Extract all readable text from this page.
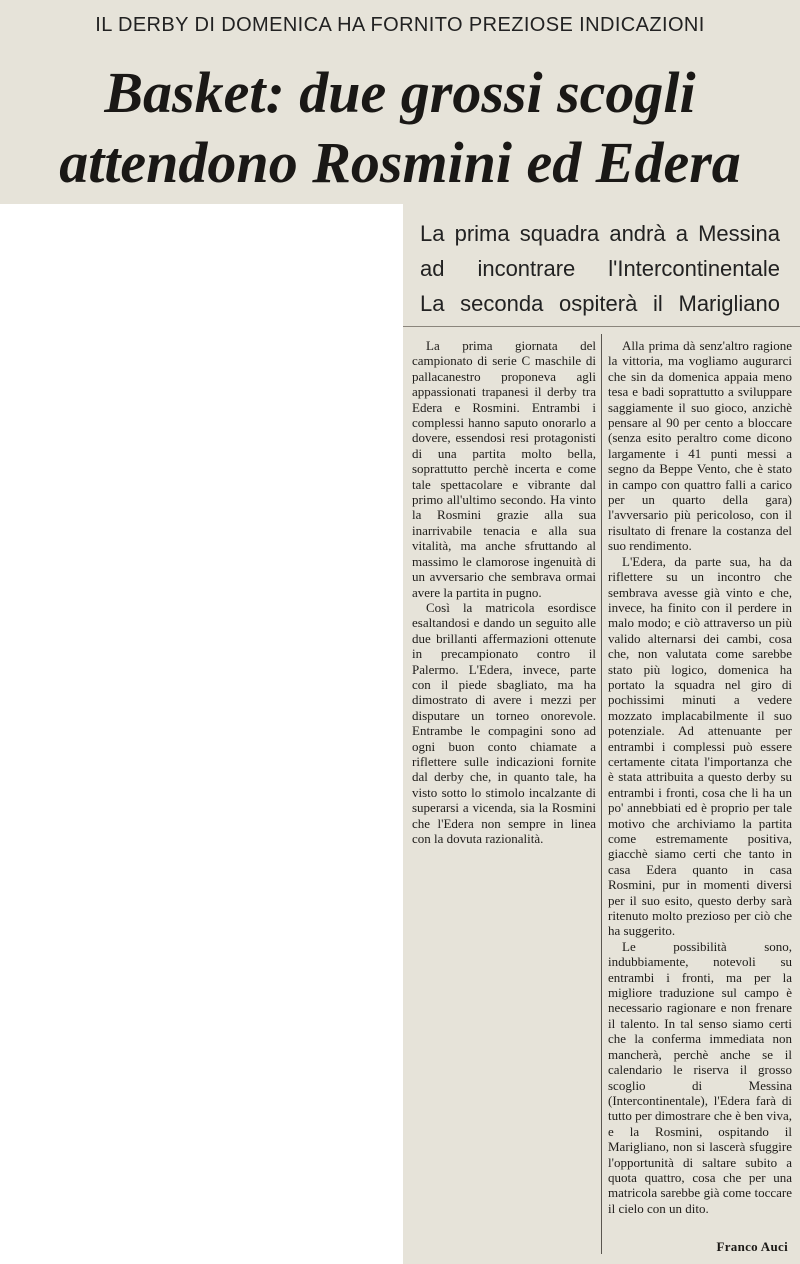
IL DERBY DI DOMENICA HA FORNITO PREZIOSE INDICAZIONI
Basket: due grossi scogli
attendono Rosmini ed Edera
La prima squadra andrà a Messina
ad incontrare l'Intercontinentale
La seconda ospiterà il Marigliano

La prima giornata del campionato di serie C maschile di pallacanestro proponeva agli appassionati trapanesi il derby tra Edera e Rosmini. Entrambi i complessi hanno saputo onorarlo a dovere, essendosi resi protagonisti di una partita molto bella, soprattutto perchè incerta e come tale spettacolare e vibrante dal primo all'ultimo secondo. Ha vinto la Rosmini grazie alla sua inarrivabile tenacia e alla sua vitalità, ma anche sfruttando al massimo le clamorose ingenuità di un avversario che sembrava ormai avere la partita in pugno.

Così la matricola esordisce esaltandosi e dando un seguito alle due brillanti affermazioni ottenute in precampionato contro il Palermo. L'Edera, invece, parte con il piede sbagliato, ma ha dimostrato di avere i mezzi per disputare un torneo onorevole. Entrambe le compagini sono ad ogni buon conto chiamate a riflettere sulle indicazioni fornite dal derby che, in quanto tale, ha visto sotto lo stimolo incalzante di superarsi a vicenda, sia la Rosmini che l'Edera non sempre in linea con la dovuta razionalità.

Alla prima dà senz'altro ragione la vittoria, ma vogliamo augurarci che sin da domenica appaia meno tesa e badi soprattutto a sviluppare saggiamente il suo gioco, anzichè pensare al 90 per cento a bloccare (senza esito peraltro come dicono largamente i 41 punti messi a segno da Beppe Vento, che è stato in campo con quattro falli a carico per un quarto della gara) l'avversario più pericoloso, con il risultato di frenare la costanza del suo rendimento.

L'Edera, da parte sua, ha da riflettere su un incontro che sembrava avesse già vinto e che, invece, ha finito con il perdere in malo modo; e ciò attraverso un più valido alternarsi dei cambi, cosa che, non valutata come sarebbe stato più logico, domenica ha portato la squadra nel giro di pochissimi minuti a vedere mozzato implacabilmente il suo potenziale. Ad attenuante per entrambi i complessi può essere certamente citata l'importanza che è stata attribuita a questo derby su entrambi i fronti, cosa che li ha un po' annebbiati ed è proprio per tale motivo che archiviamo la partita come estremamente positiva, giacchè siamo certi che tanto in casa Edera quanto in casa Rosmini, pur in momenti diversi per il suo esito, questo derby sarà ritenuto molto prezioso per ciò che ha suggerito.

Le possibilità sono, indubbiamente, notevoli su entrambi i fronti, ma per la migliore traduzione sul campo è necessario ragionare e non frenare il talento. In tal senso siamo certi che la conferma immediata non mancherà, perchè anche se il calendario le riserva il grosso scoglio di Messina (Intercontinentale), l'Edera farà di tutto per dimostrare che è ben viva, e la Rosmini, ospitando il Marigliano, non si lascerà sfuggire l'opportunità di saltare subito a quota quattro, cosa che per una matricola sarebbe già come toccare il cielo con un dito.

Franco Auci
